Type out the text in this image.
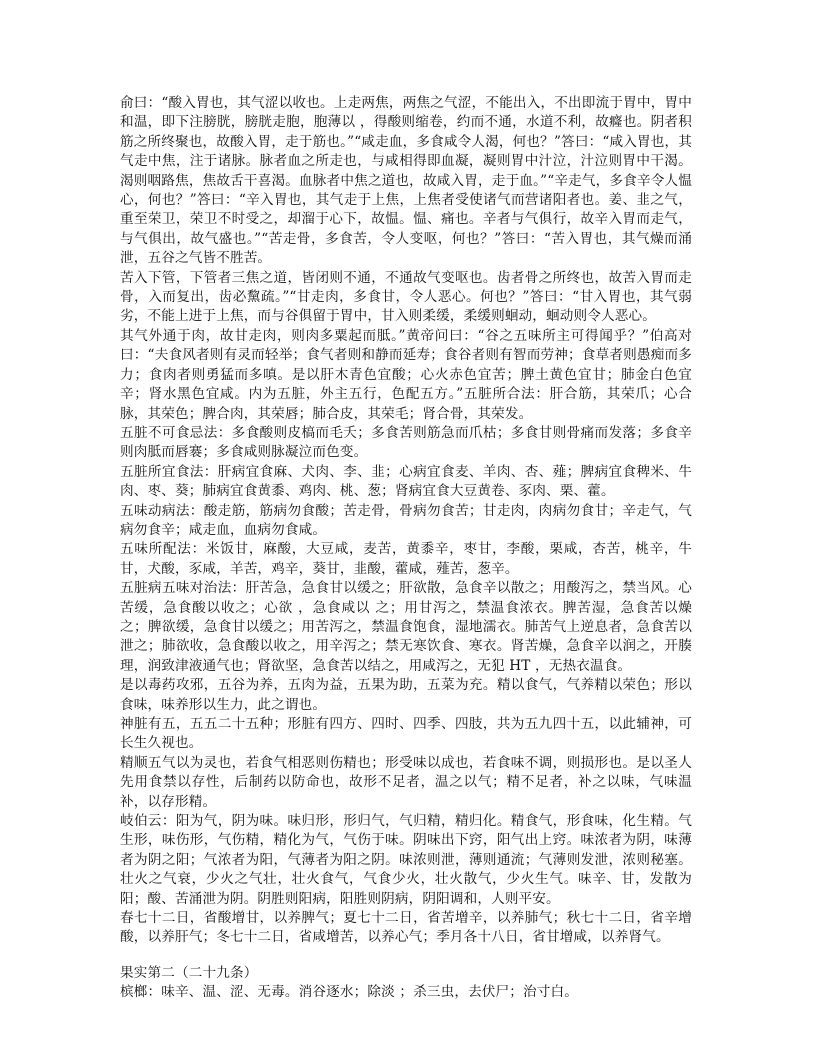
俞曰：“酸入胃也，其气涩以收也。上走两焦，两焦之气涩，不能出入，不出即流于胃中，胃中和温，即下注膀胱，膀胱走胞，胞薄以 ，得酸则缩卷，约而不通，水道不利，故癃也。阴者积筋之所终聚也，故酸入胃，走于筋也。”“咸走血，多食咸令人渴，何也？”答曰：“咸入胃也，其气走中焦，注于诸脉。脉者血之所走也，与咸相得即血凝，凝则胃中汁泣，汁泣则胃中干渴。渴则咽路焦，焦故舌干喜渴。血脉者中焦之道也，故咸入胃，走于血。”“辛走气，多食辛令人愠心，何也？”答曰：“辛入胃也，其气走于上焦，上焦者受使诸气而营诸阳者也。姜、韭之气，重至荣卫，荣卫不时受之，却溜于心下，故愠。愠、痛也。辛者与气俱行，故辛入胃而走气，与气俱出，故气盛也。”“苦走骨，多食苦，令人变呕，何也？”答曰：“苦入胃也，其气燥而涌泄，五谷之气皆不胜苦。

苦入下管，下管者三焦之道，皆闭则不通，不通故气变呕也。齿者骨之所终也，故苦入胃而走骨，入而复出，齿必黧疏。”“甘走肉，多食甘，令人恶心。何也？”答曰：“甘入胃也，其气弱劣，不能上进于上焦，而与谷俱留于胃中，甘入则柔缓，柔缓则蛔动，蛔动则令人恶心。

其气外通于肉，故甘走肉，则肉多粟起而胝。”黄帝问曰：“谷之五味所主可得闻乎？”伯高对曰：“夫食风者则有灵而轻举；食气者则和静而延寿；食谷者则有智而劳神；食草者则愚痴而多力；食肉者则勇猛而多嗔。是以肝木青色宜酸；心火赤色宜苦；脾土黄色宜甘；肺金白色宜辛；肾水黑色宜咸。内为五脏，外主五行，色配五方。”五脏所合法：肝合筋，其荣爪；心合脉，其荣色；脾合肉，其荣唇；肺合皮，其荣毛；肾合骨，其荣发。

五脏不可食忌法：多食酸则皮槁而毛夭；多食苦则筋急而爪枯；多食甘则骨痛而发落；多食辛则肉胝而唇褰；多食咸则脉凝泣而色变。

五脏所宜食法：肝病宜食麻、犬肉、李、韭；心病宜食麦、羊肉、杏、薤；脾病宜食稗米、牛肉、枣、葵；肺病宜食黄黍、鸡肉、桃、葱；肾病宜食大豆黄卷、豕肉、栗、藿。

五味动病法：酸走筋，筋病勿食酸；苦走骨，骨病勿食苦；甘走肉，肉病勿食甘；辛走气，气病勿食辛；咸走血，血病勿食咸。

五味所配法：米饭甘，麻酸，大豆咸，麦苦，黄黍辛，枣甘，李酸，栗咸，杏苦，桃辛，牛甘，犬酸，豕咸，羊苦，鸡辛，葵甘，韭酸，藿咸，薤苦，葱辛。

五脏病五味对治法：肝苦急，急食甘以缓之；肝欲散，急食辛以散之；用酸泻之，禁当风。心苦缓，急食酸以收之；心欲 ，急食咸以 之；用甘泻之，禁温食浓衣。脾苦湿，急食苦以燥之；脾欲缓，急食甘以缓之；用苦泻之，禁温食饱食，湿地濡衣。肺苦气上逆息者，急食苦以泄之；肺欲收，急食酸以收之，用辛泻之；禁无寒饮食、寒衣。肾苦燥，急食辛以润之，开腠理，润致津液通气也；肾欲坚，急食苦以结之，用咸泻之，无犯 HT ，无热衣温食。

是以毒药攻邪，五谷为养，五肉为益，五果为助，五菜为充。精以食气，气养精以荣色；形以食味，味养形以生力，此之谓也。

神脏有五，五五二十五种；形脏有四方、四时、四季、四肢，共为五九四十五，以此辅神，可长生久视也。

精顺五气以为灵也，若食气相恶则伤精也；形受味以成也，若食味不调，则损形也。是以圣人先用食禁以存性，后制药以防命也，故形不足者，温之以气；精不足者，补之以味，气味温补，以存形精。

岐伯云：阳为气，阴为味。味归形，形归气，气归精，精归化。精食气，形食味，化生精。气生形，味伤形，气伤精，精化为气，气伤于味。阴味出下窍，阳气出上窍。味浓者为阴，味薄者为阴之阳；气浓者为阳，气薄者为阳之阴。味浓则泄，薄则通流；气薄则发泄，浓则秘塞。壮火之气衰，少火之气壮，壮火食气，气食少火，壮火散气，少火生气。味辛、甘，发散为阳；酸、苦涌泄为阴。阴胜则阳病，阳胜则阴病，阴阳调和，人则平安。

春七十二日，省酸增甘，以养脾气；夏七十二日，省苦增辛，以养肺气；秋七十二日，省辛增酸，以养肝气；冬七十二日，省咸增苦，以养心气；季月各十八日，省甘增咸，以养肾气。

果实第二（二十九条）

槟榔：味辛、温、涩、无毒。消谷逐水；除淡 ；杀三虫，去伏尸；治寸白。
